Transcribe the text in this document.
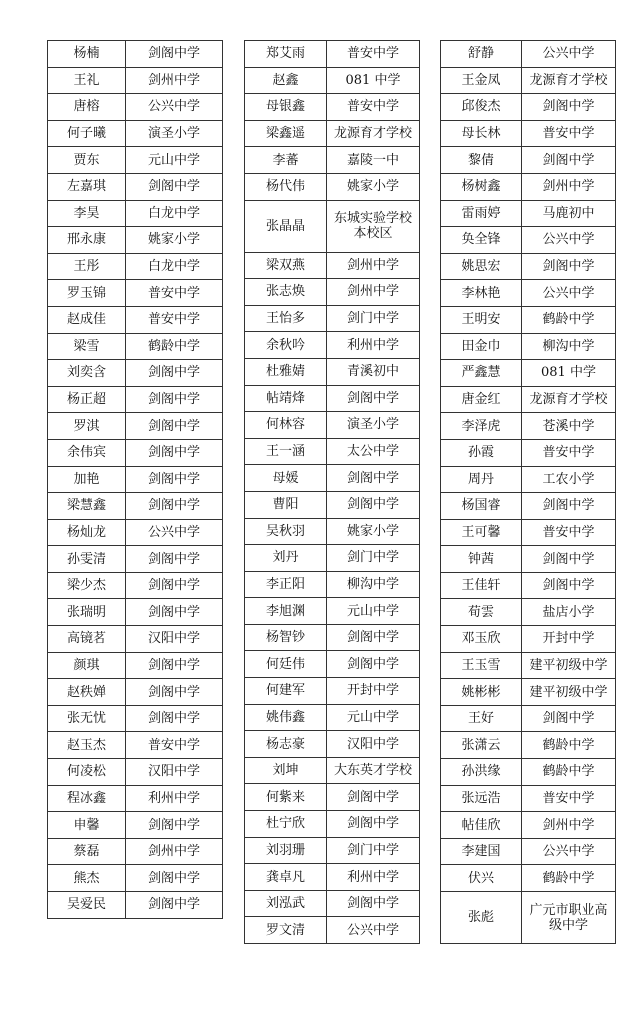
杨楠	剑阁中学
王礼	剑州中学
唐榕	公兴中学
何子曦	演圣小学
贾东	元山中学
左嘉琪	剑阁中学
李昊	白龙中学
邢永康	姚家小学
王彤	白龙中学
罗玉锦	普安中学
赵成佳	普安中学
梁雪	鹤龄中学
刘奕含	剑阁中学
杨正超	剑阁中学
罗淇	剑阁中学
余伟宾	剑阁中学
加艳	剑阁中学
梁慧鑫	剑阁中学
杨灿龙	公兴中学
孙雯清	剑阁中学
梁少杰	剑阁中学
张瑞明	剑阁中学
高镜茗	汉阳中学
颜琪	剑阁中学
赵秩婵	剑阁中学
张无忧	剑阁中学
赵玉杰	普安中学
何凌松	汉阳中学
程冰鑫	利州中学
申馨	剑阁中学
蔡磊	剑州中学
熊杰	剑阁中学
吴爱民	剑阁中学
郑艾雨	普安中学
赵鑫	081 中学
母银鑫	普安中学
梁鑫遥	龙源育才学校
李蕃	嘉陵一中
杨代伟	姚家小学
张晶晶	东城实验学校本校区
梁双燕	剑州中学
张志焕	剑州中学
王怡多	剑门中学
余秋吟	利州中学
杜雅婧	青溪初中
帖靖烽	剑阁中学
何林容	演圣小学
王一涵	太公中学
母媛	剑阁中学
曹阳	剑阁中学
吴秋羽	姚家小学
刘丹	剑门中学
李正阳	柳沟中学
李旭渊	元山中学
杨智钞	剑阁中学
何廷伟	剑阁中学
何建军	开封中学
姚伟鑫	元山中学
杨志豪	汉阳中学
刘坤	大东英才学校
何紫来	剑阁中学
杜宁欣	剑阁中学
刘羽珊	剑门中学
龚卓凡	利州中学
刘泓武	剑阁中学
罗文清	公兴中学
舒静	公兴中学
王金凤	龙源育才学校
邱俊杰	剑阁中学
母长林	普安中学
黎倩	剑阁中学
杨树鑫	剑州中学
雷雨婷	马鹿初中
奂全锋	公兴中学
姚思宏	剑阁中学
李林艳	公兴中学
王明安	鹤龄中学
田金巾	柳沟中学
严鑫慧	081 中学
唐金红	龙源育才学校
李泽虎	苍溪中学
孙霞	普安中学
周丹	工农小学
杨国睿	剑阁中学
王可馨	普安中学
钟茜	剑阁中学
王佳轩	剑阁中学
荀雲	盐店小学
邓玉欣	开封中学
王玉雪	建平初级中学
姚彬彬	建平初级中学
王好	剑阁中学
张潇云	鹤龄中学
孙洪缘	鹤龄中学
张远浩	普安中学
帖佳欣	剑州中学
李建国	公兴中学
伏兴	鹤龄中学
张彪	广元市职业高级中学
